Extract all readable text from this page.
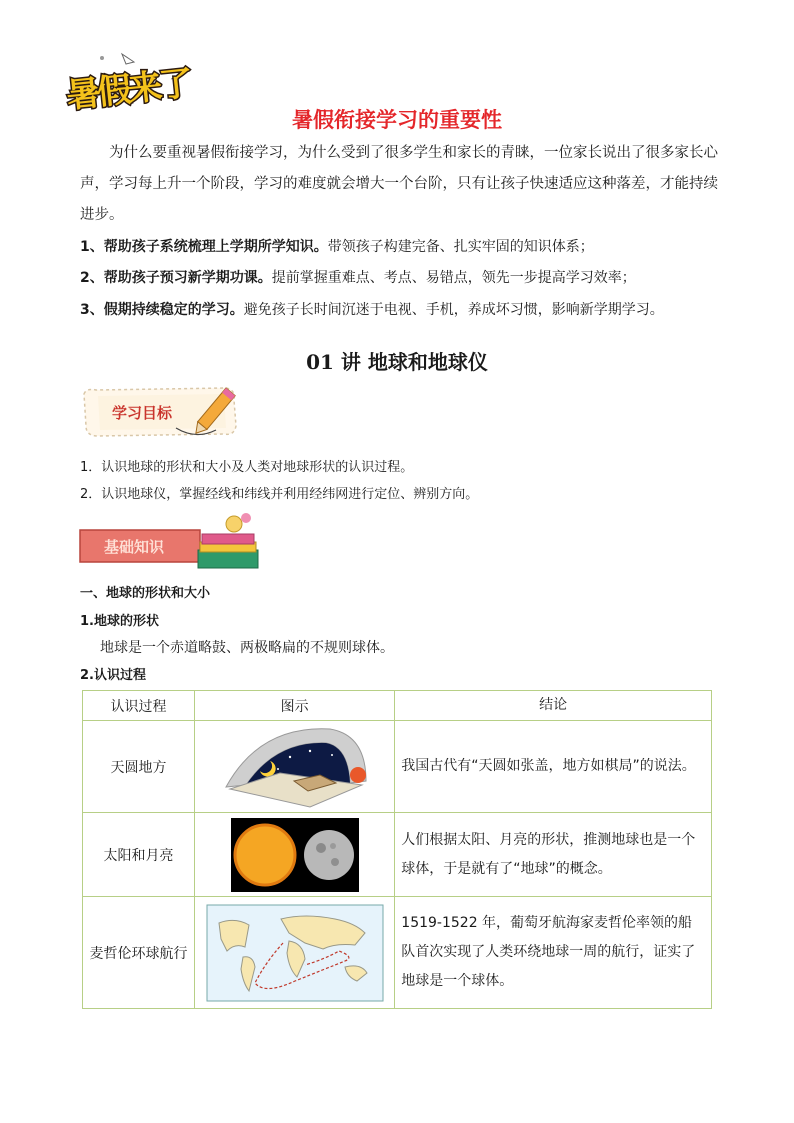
暑假来了
暑假衔接学习的重要性
为什么要重视暑假衔接学习，为什么受到了很多学生和家长的青睐，一位家长说出了很多家长心声，学习每上升一个阶段，学习的难度就会增大一个台阶，只有让孩子快速适应这种落差，才能持续进步。
1、帮助孩子系统梳理上学期所学知识。带领孩子构建完备、扎实牢固的知识体系；
2、帮助孩子预习新学期功课。提前掌握重难点、考点、易错点，领先一步提高学习效率；
3、假期持续稳定的学习。避免孩子长时间沉迷于电视、手机，养成坏习惯，影响新学期学习。
01 讲 地球和地球仪
学习目标
1．认识地球的形状和大小及人类对地球形状的认识过程。
2．认识地球仪，掌握经线和纬线并利用经纬网进行定位、辨别方向。
基础知识
一、地球的形状和大小
1.地球的形状
地球是一个赤道略鼓、两极略扁的不规则球体。
2.认识过程
认识过程	图示	结论
天圆地方		我国古代有“天圆如张盖，地方如棋局”的说法。
太阳和月亮		人们根据太阳、月亮的形状，推测地球也是一个球体，于是就有了“地球”的概念。
麦哲伦环球航行		1519-1522 年，葡萄牙航海家麦哲伦率领的船队首次实现了人类环绕地球一周的航行，证实了地球是一个球体。
